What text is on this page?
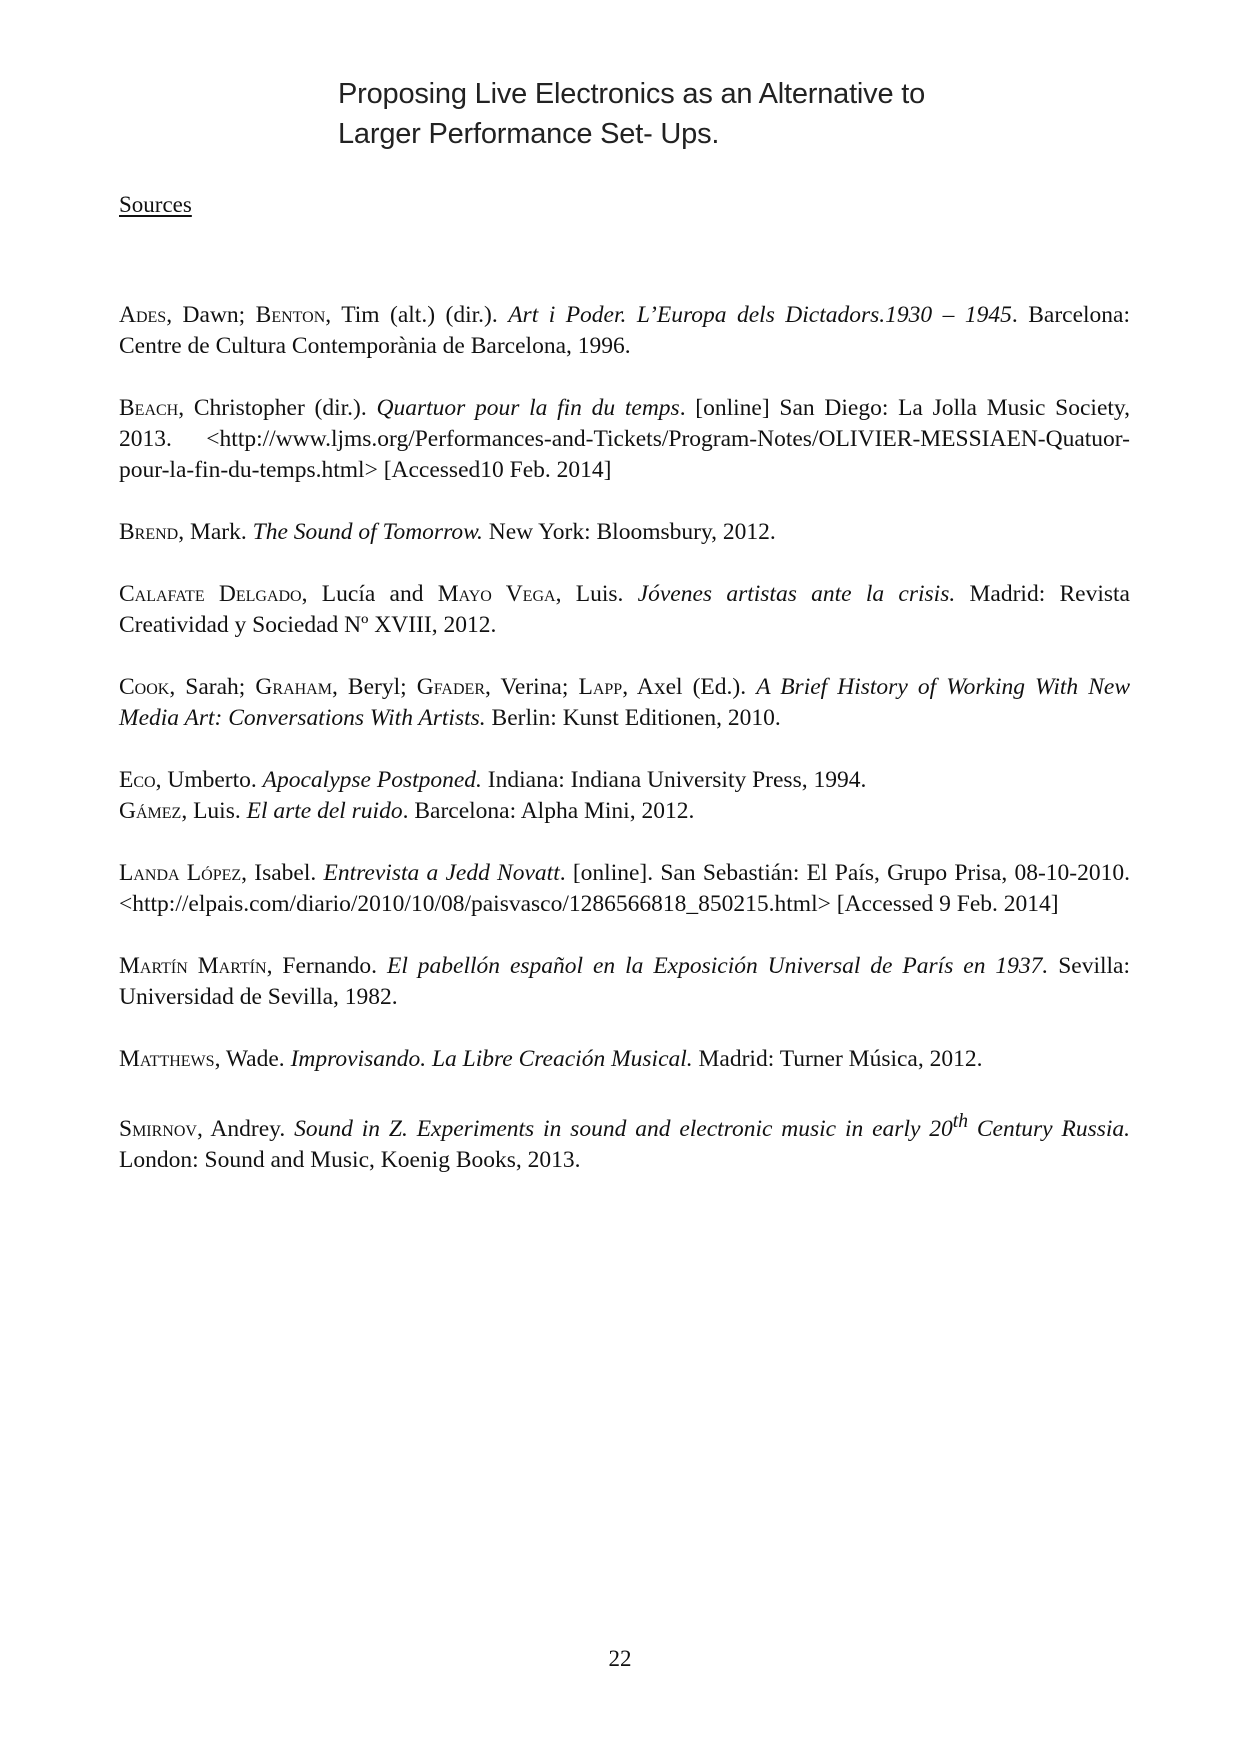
Proposing Live Electronics as an Alternative to
Larger Performance Set- Ups.
Sources

Ades, Dawn; Benton, Tim (alt.) (dir.). Art i Poder. L’Europa dels Dictadors.1930 – 1945. Barcelona: Centre de Cultura Contemporània de Barcelona, 1996.

Beach, Christopher (dir.). Quartuor pour la fin du temps. [online] San Diego: La Jolla Music Society, 2013. <http://www.ljms.org/Performances-and-Tickets/Program-Notes/OLIVIER-MESSIAEN-Quatuor-pour-la-fin-du-temps.html> [Accessed10 Feb. 2014]

Brend, Mark. The Sound of Tomorrow. New York: Bloomsbury, 2012.

Calafate Delgado, Lucía and Mayo Vega, Luis. Jóvenes artistas ante la crisis. Madrid: Revista Creatividad y Sociedad Nº XVIII, 2012.

Cook, Sarah; Graham, Beryl; Gfader, Verina; Lapp, Axel (Ed.). A Brief History of Working With New Media Art: Conversations With Artists. Berlin: Kunst Editionen, 2010.

Eco, Umberto. Apocalypse Postponed. Indiana: Indiana University Press, 1994.

Gámez, Luis. El arte del ruido. Barcelona: Alpha Mini, 2012.

Landa López, Isabel. Entrevista a Jedd Novatt. [online]. San Sebastián: El País, Grupo Prisa, 08-10-2010. <http://elpais.com/diario/2010/10/08/paisvasco/1286566818_850215.html> [Accessed 9 Feb. 2014]

Martín Martín, Fernando. El pabellón español en la Exposición Universal de París en 1937. Sevilla: Universidad de Sevilla, 1982.

Matthews, Wade. Improvisando. La Libre Creación Musical. Madrid: Turner Música, 2012.

Smirnov, Andrey. Sound in Z. Experiments in sound and electronic music in early 20th Century Russia. London: Sound and Music, Koenig Books, 2013.

22
